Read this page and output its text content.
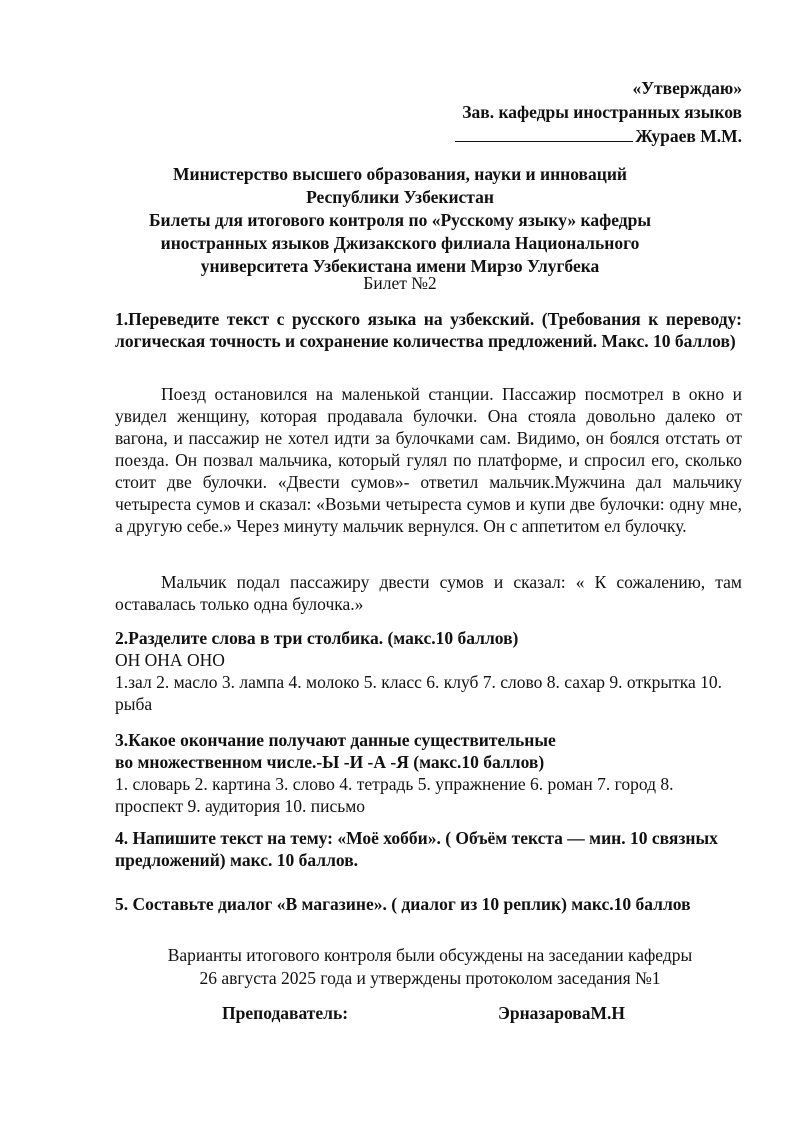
«Утверждаю»
Зав. кафедры иностранных языков
Жураев М.М.
Министерство высшего образования, науки и инноваций
Республики Узбекистан
Билеты для итогового контроля по «Русскому языку» кафедры
иностранных языков Джизакского филиала Национального
университета Узбекистана имени Мирзо Улугбека
Билет №2
1.Переведите текст с русского языка на узбекский. (Требования к переводу: логическая точность и сохранение количества предложений. Макс. 10 баллов)

Поезд остановился на маленькой станции. Пассажир посмотрел в окно и увидел женщину, которая продавала булочки. Она стояла довольно далеко от вагона, и пассажир не хотел идти за булочками сам. Видимо, он боялся отстать от поезда. Он позвал мальчика, который гулял по платформе, и спросил его, сколько стоит две булочки. «Двести сумов»- ответил мальчик.Мужчина дал мальчику четыреста сумов и сказал: «Возьми четыреста сумов и купи две булочки: одну мне, а другую себе.» Через минуту мальчик вернулся. Он с аппетитом ел булочку.

Мальчик подал пассажиру двести сумов и сказал: « К сожалению, там оставалась только одна булочка.»

2.Разделите слова в три столбика. (макс.10 баллов)
ОН ОНА ОНО
1.зал 2. масло 3. лампа 4. молоко 5. класс 6. клуб 7. слово 8. сахар 9. открытка 10. рыба
3.Какое окончание получают данные существительные
во множественном числе.-Ы -И -А -Я (макс.10 баллов)
1. словарь 2. картина 3. слово 4. тетрадь 5. упражнение 6. роман 7. город 8. проспект 9. аудитория 10. письмо
4. Напишите текст на тему: «Моё хобби». ( Объём текста — мин. 10 связных предложений) макс. 10 баллов.
5. Составьте диалог «В магазине». ( диалог из 10 реплик) макс.10 баллов
Варианты итогового контроля были обсуждены на заседании кафедры
26 августа 2025 года и утверждены протоколом заседания №1
Преподаватель:	ЭрназароваМ.Н
